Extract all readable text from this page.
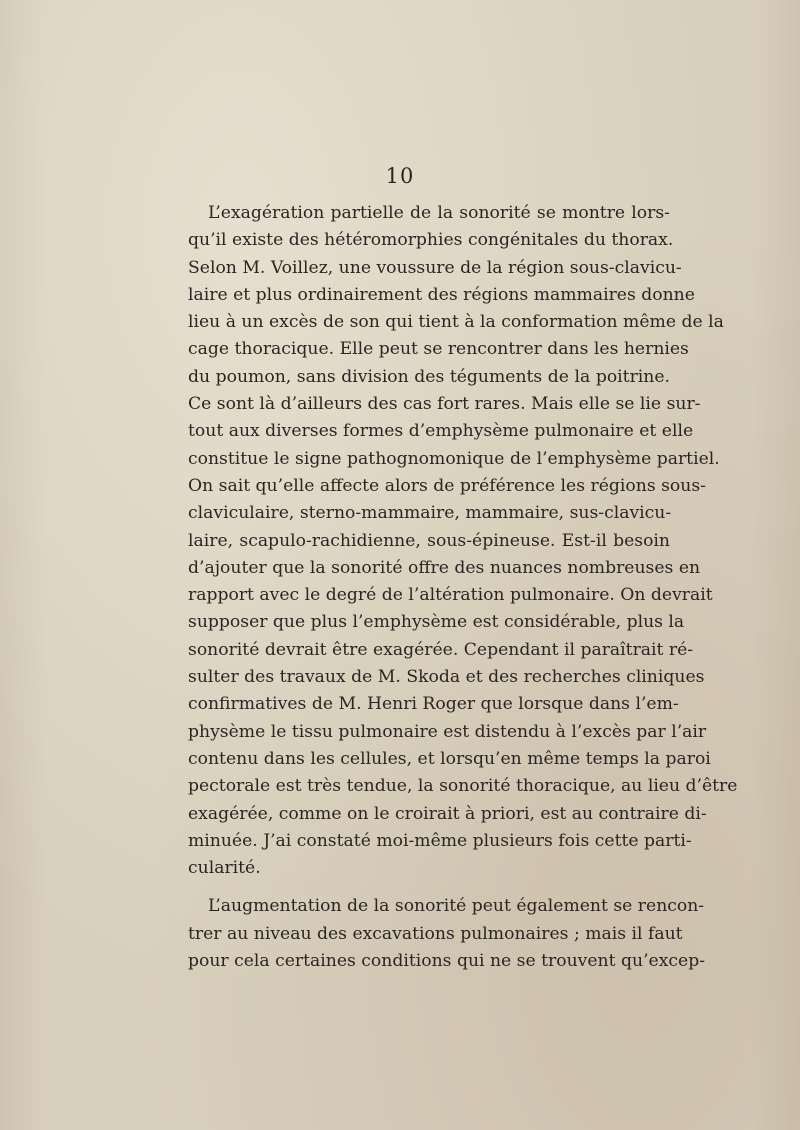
10
L’exagération partielle de la sonorité se montre lors-
qu’il existe des hétéromorphies congénitales du thorax.
Selon M. Voillez, une voussure de la région sous-clavicu-
laire et plus ordinairement des régions mammaires donne
lieu à un excès de son qui tient à la conformation même de la
cage thoracique. Elle peut se rencontrer dans les hernies
du poumon, sans division des téguments de la poitrine.
Ce sont là d’ailleurs des cas fort rares. Mais elle se lie sur-
tout aux diverses formes d’emphysème pulmonaire et elle
constitue le signe pathognomonique de l’emphysème partiel.
On sait qu’elle affecte alors de préférence les régions sous-
claviculaire, sterno-mammaire, mammaire, sus-clavicu-
laire, scapulo-rachidienne, sous-épineuse. Est-il besoin
d’ajouter que la sonorité offre des nuances nombreuses en
rapport avec le degré de l’altération pulmonaire. On devrait
supposer que plus l’emphysème est considérable, plus la
sonorité devrait être exagérée. Cependant il paraîtrait ré-
sulter des travaux de M. Skoda et des recherches cliniques
confirmatives de M. Henri Roger que lorsque dans l’em-
physème le tissu pulmonaire est distendu à l’excès par l’air
contenu dans les cellules, et lorsqu’en même temps la paroi
pectorale est très tendue, la sonorité thoracique, au lieu d’être
exagérée, comme on le croirait à priori, est au contraire di-
minuée. J’ai constaté moi-même plusieurs fois cette parti-
cularité.
L’augmentation de la sonorité peut également se rencon-
trer au niveau des excavations pulmonaires ; mais il faut
pour cela certaines conditions qui ne se trouvent qu’excep-
